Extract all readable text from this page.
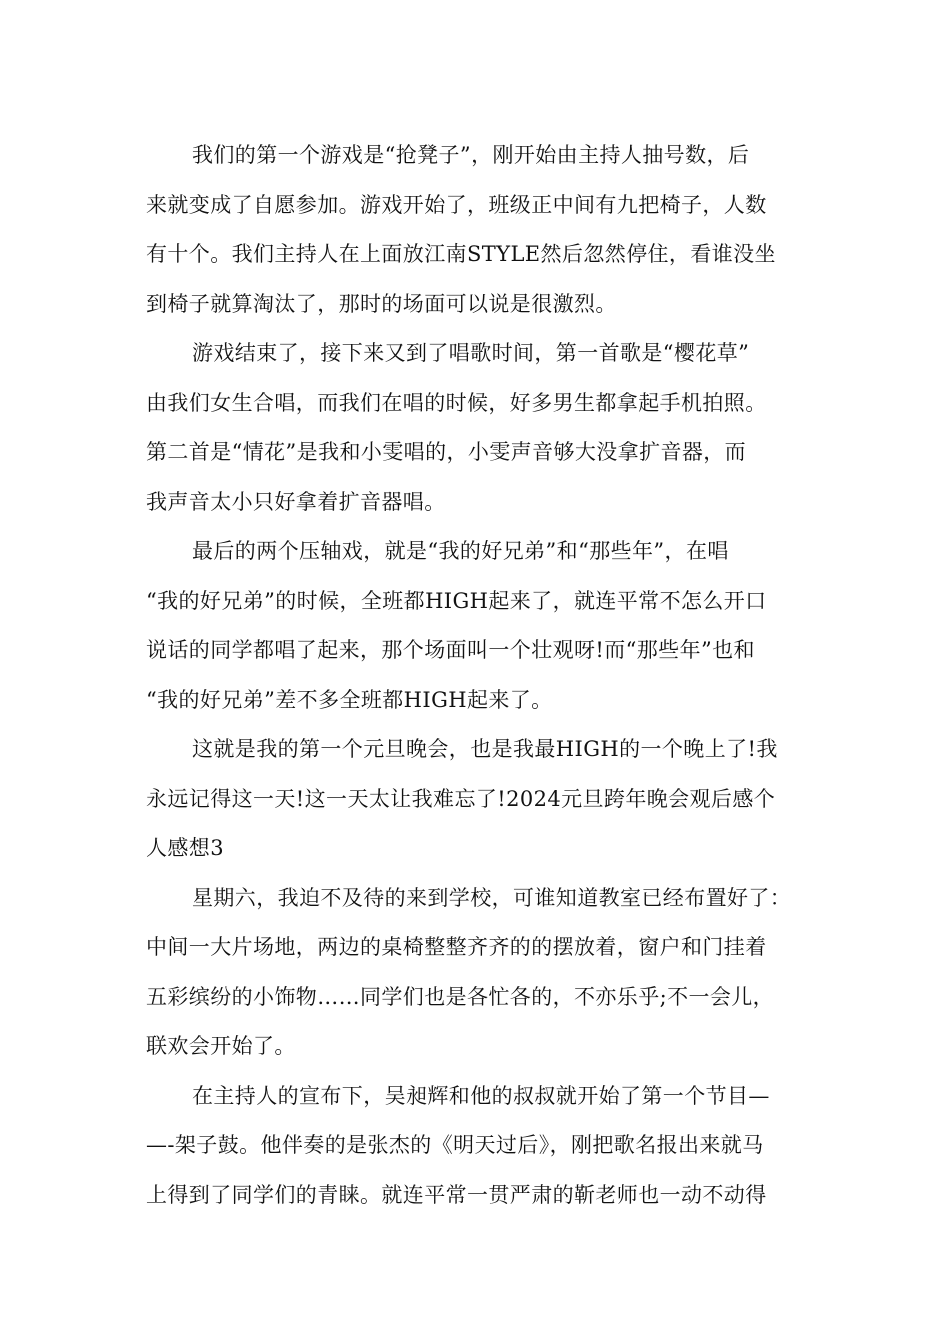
我们的第一个游戏是“抢凳子”，刚开始由主持人抽号数，后
来就变成了自愿参加。游戏开始了，班级正中间有九把椅子，人数
有十个。我们主持人在上面放江南STYLE然后忽然停住，看谁没坐
到椅子就算淘汰了，那时的场面可以说是很激烈。

游戏结束了，接下来又到了唱歌时间，第一首歌是“樱花草”
由我们女生合唱，而我们在唱的时候，好多男生都拿起手机拍照。
第二首是“情花”是我和小雯唱的，小雯声音够大没拿扩音器，而
我声音太小只好拿着扩音器唱。

最后的两个压轴戏，就是“我的好兄弟”和“那些年”，在唱
“我的好兄弟”的时候，全班都HIGH起来了，就连平常不怎么开口
说话的同学都唱了起来，那个场面叫一个壮观呀!而“那些年”也和
“我的好兄弟”差不多全班都HIGH起来了。

这就是我的第一个元旦晚会，也是我最HIGH的一个晚上了!我
永远记得这一天!这一天太让我难忘了!2024元旦跨年晚会观后感个
人感想3

星期六，我迫不及待的来到学校，可谁知道教室已经布置好了：
中间一大片场地，两边的桌椅整整齐齐的的摆放着，窗户和门挂着
五彩缤纷的小饰物……同学们也是各忙各的，不亦乐乎;不一会儿，
联欢会开始了。

在主持人的宣布下，吴昶辉和他的叔叔就开始了第一个节目—
—-架子鼓。他伴奏的是张杰的《明天过后》，刚把歌名报出来就马
上得到了同学们的青睐。就连平常一贯严肃的靳老师也一动不动得
